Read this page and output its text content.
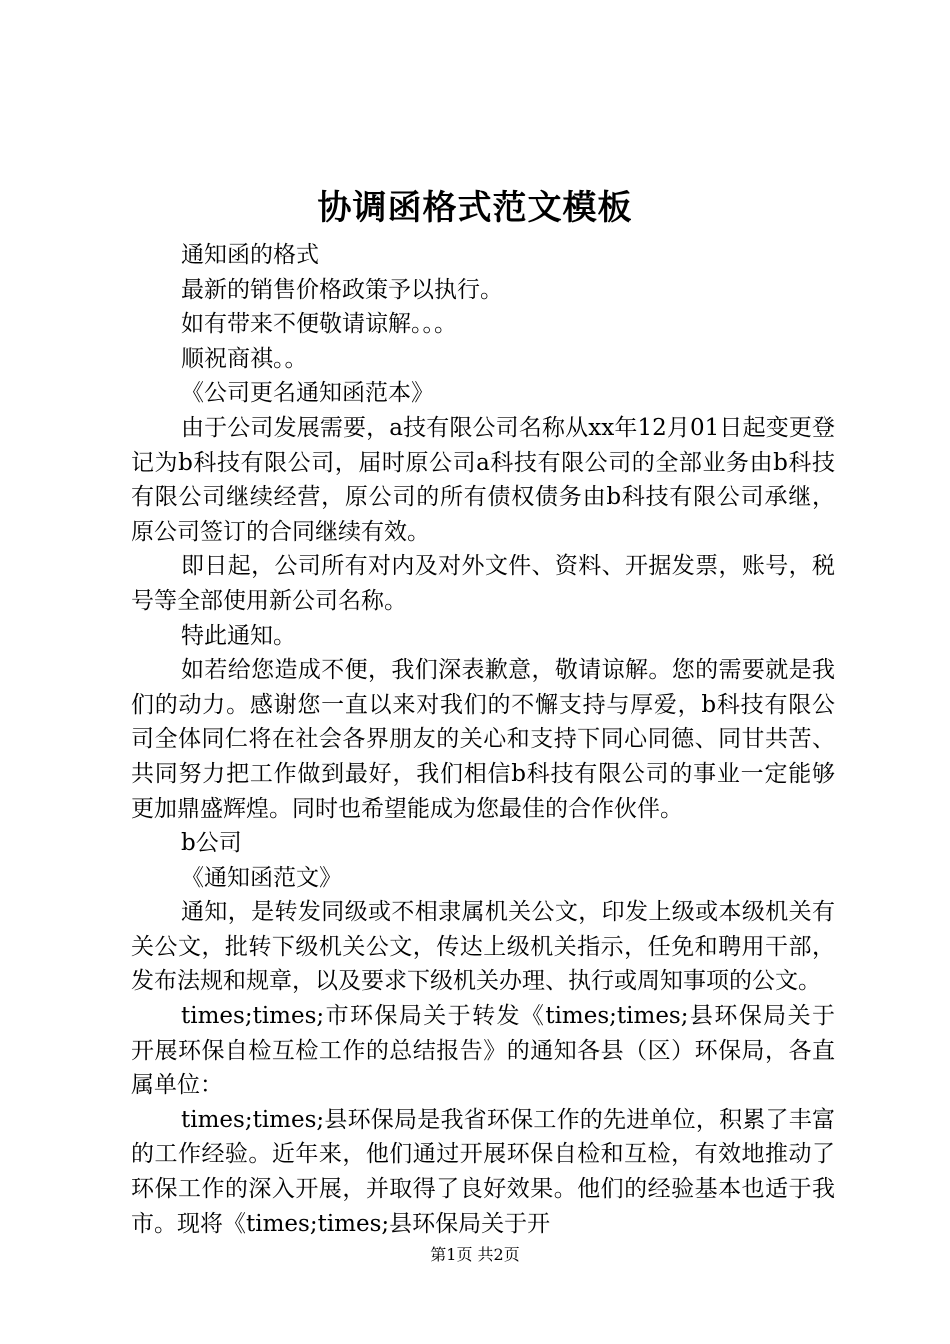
协调函格式范文模板

通知函的格式

最新的销售价格政策予以执行。

如有带来不便敬请谅解。。。

顺祝商祺。。

《公司更名通知函范本》

由于公司发展需要，a技有限公司名称从xx年12月01日起变更登记为b科技有限公司，届时原公司a科技有限公司的全部业务由b科技有限公司继续经营，原公司的所有债权债务由b科技有限公司承继，原公司签订的合同继续有效。

即日起，公司所有对内及对外文件、资料、开据发票，账号，税号等全部使用新公司名称。

特此通知。

如若给您造成不便，我们深表歉意，敬请谅解。您的需要就是我们的动力。感谢您一直以来对我们的不懈支持与厚爱，b科技有限公司全体同仁将在社会各界朋友的关心和支持下同心同德、同甘共苦、共同努力把工作做到最好，我们相信b科技有限公司的事业一定能够更加鼎盛辉煌。同时也希望能成为您最佳的合作伙伴。

b公司

《通知函范文》

通知，是转发同级或不相隶属机关公文，印发上级或本级机关有关公文，批转下级机关公文，传达上级机关指示，任免和聘用干部，发布法规和规章，以及要求下级机关办理、执行或周知事项的公文。

times;times;市环保局关于转发《times;times;县环保局关于开展环保自检互检工作的总结报告》的通知各县（区）环保局，各直属单位：

times;times;县环保局是我省环保工作的先进单位，积累了丰富的工作经验。近年来，他们通过开展环保自检和互检，有效地推动了环保工作的深入开展，并取得了良好效果。他们的经验基本也适于我市。现将《times;times;县环保局关于开

第1页 共2页
